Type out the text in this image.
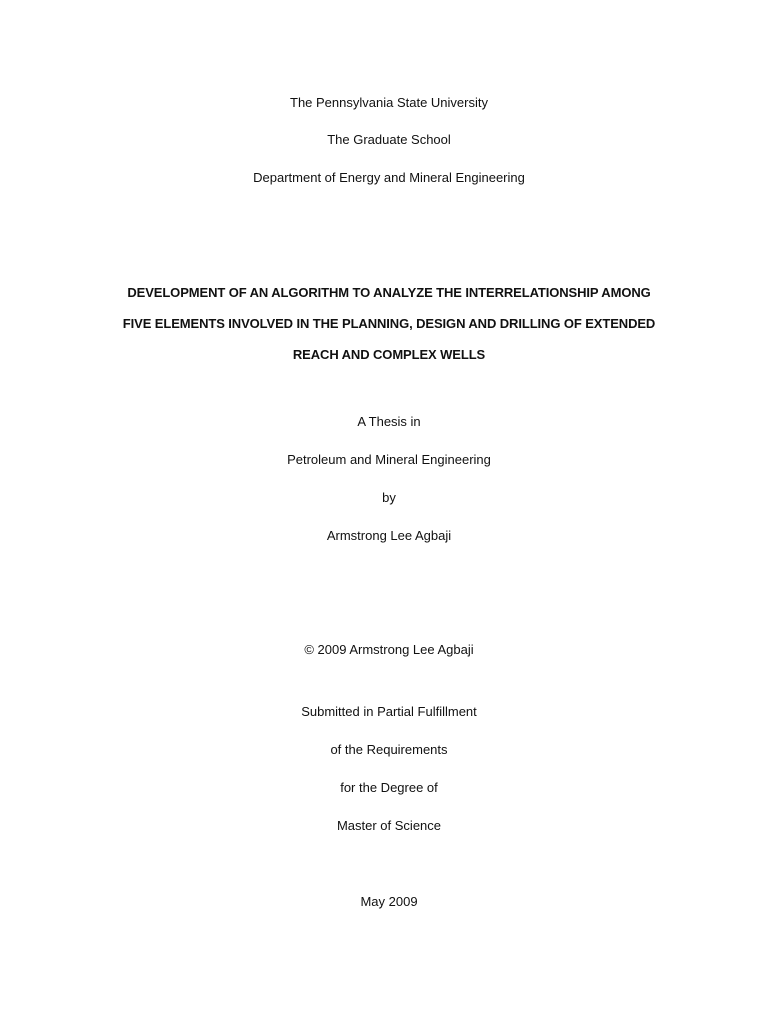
The Pennsylvania State University
The Graduate School
Department of Energy and Mineral Engineering
DEVELOPMENT OF AN ALGORITHM TO ANALYZE THE INTERRELATIONSHIP AMONG
FIVE ELEMENTS INVOLVED IN THE PLANNING, DESIGN AND DRILLING OF EXTENDED
REACH AND COMPLEX WELLS
A Thesis in
Petroleum and Mineral Engineering
by
Armstrong Lee Agbaji
© 2009 Armstrong Lee Agbaji
Submitted in Partial Fulfillment
of the Requirements
for the Degree of
Master of Science
May 2009
